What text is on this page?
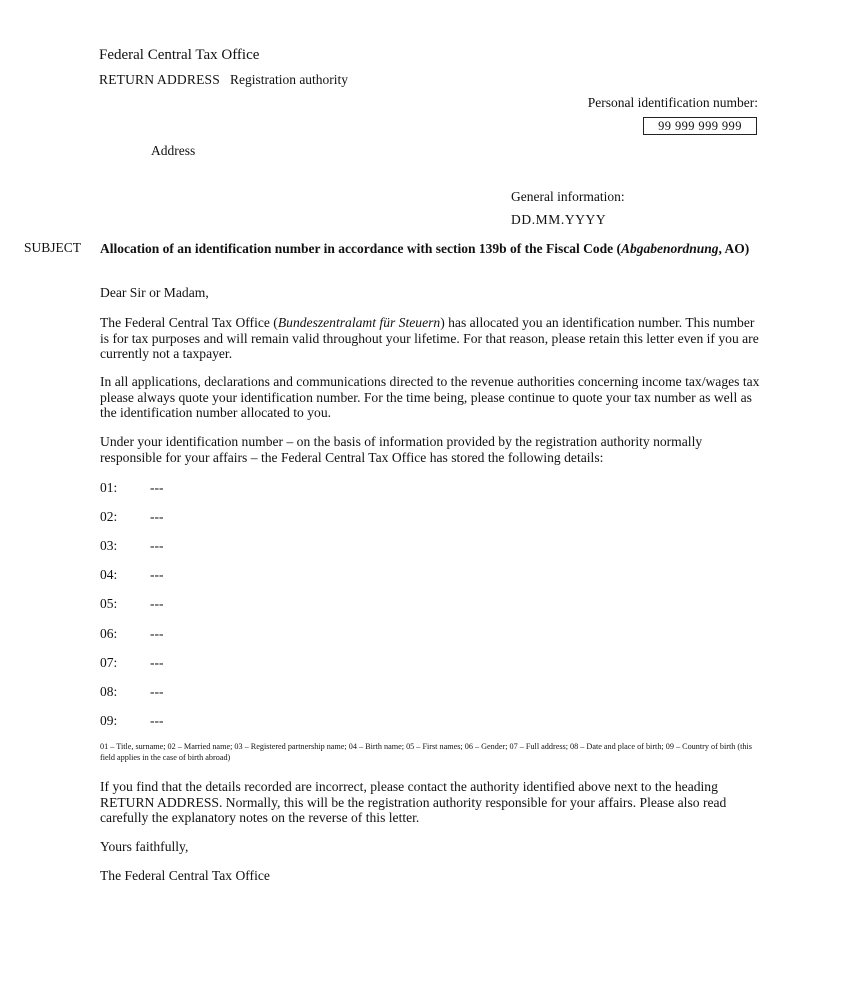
Federal Central Tax Office
RETURN ADDRESS Registration authority
Personal identification number:
99 999 999 999
Address
General information:
DD.MM.YYYY
SUBJECT Allocation of an identification number in accordance with section 139b of the Fiscal Code (Abgabenordnung, AO)
Dear Sir or Madam,
The Federal Central Tax Office (Bundeszentralamt für Steuern) has allocated you an identification number. This number is for tax purposes and will remain valid throughout your lifetime. For that reason, please retain this letter even if you are currently not a taxpayer.
In all applications, declarations and communications directed to the revenue authorities concerning income tax/wages tax please always quote your identification number. For the time being, please continue to quote your tax number as well as the identification number allocated to you.
Under your identification number – on the basis of information provided by the registration authority normally responsible for your affairs – the Federal Central Tax Office has stored the following details:
01: ---
02: ---
03: ---
04: ---
05: ---
06: ---
07: ---
08: ---
09: ---
01 – Title, surname; 02 – Married name; 03 – Registered partnership name; 04 – Birth name; 05 – First names; 06 – Gender; 07 – Full address; 08 – Date and place of birth; 09 – Country of birth (this field applies in the case of birth abroad)
If you find that the details recorded are incorrect, please contact the authority identified above next to the heading RETURN ADDRESS. Normally, this will be the registration authority responsible for your affairs. Please also read carefully the explanatory notes on the reverse of this letter.
Yours faithfully,
The Federal Central Tax Office
